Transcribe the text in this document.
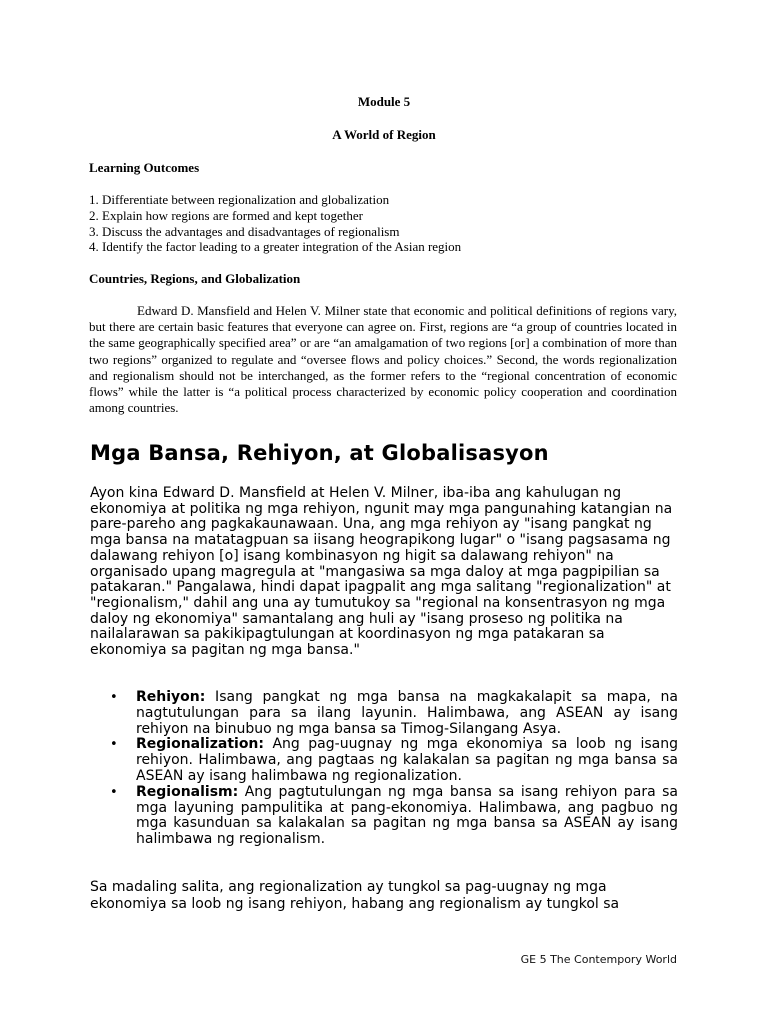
Module 5
A World of Region
Learning Outcomes
1. Differentiate between regionalization and globalization
2. Explain how regions are formed and kept together
3. Discuss the advantages and disadvantages of regionalism
4. Identify the factor leading to a greater integration of the Asian region
Countries, Regions, and Globalization

Edward D. Mansfield and Helen V. Milner state that economic and political definitions of regions vary, but there are certain basic features that everyone can agree on. First, regions are “a group of countries located in the same geographically specified area” or are “an amalgamation of two regions [or] a combination of more than two regions” organized to regulate and “oversee flows and policy choices.” Second, the words regionalization and regionalism should not be interchanged, as the former refers to the “regional concentration of economic flows” while the latter is “a political process characterized by economic policy cooperation and coordination among countries.

Mga Bansa, Rehiyon, at Globalisasyon

Ayon kina Edward D. Mansfield at Helen V. Milner, iba-iba ang kahulugan ng ekonomiya at politika ng mga rehiyon, ngunit may mga pangunahing katangian na pare-pareho ang pagkakaunawaan. Una, ang mga rehiyon ay "isang pangkat ng mga bansa na matatagpuan sa iisang heograpikong lugar" o "isang pagsasama ng dalawang rehiyon [o] isang kombinasyon ng higit sa dalawang rehiyon" na organisado upang magregula at "mangasiwa sa mga daloy at mga pagpipilian sa patakaran." Pangalawa, hindi dapat ipagpalit ang mga salitang "regionalization" at "regionalism," dahil ang una ay tumutukoy sa "regional na konsentrasyon ng mga daloy ng ekonomiya" samantalang ang huli ay "isang proseso ng politika na nailalarawan sa pakikipagtulungan at koordinasyon ng mga patakaran sa ekonomiya sa pagitan ng mga bansa."

• Rehiyon: Isang pangkat ng mga bansa na magkakalapit sa mapa, na nagtutulungan para sa ilang layunin. Halimbawa, ang ASEAN ay isang rehiyon na binubuo ng mga bansa sa Timog-Silangang Asya.
• Regionalization: Ang pag-uugnay ng mga ekonomiya sa loob ng isang rehiyon. Halimbawa, ang pagtaas ng kalakalan sa pagitan ng mga bansa sa ASEAN ay isang halimbawa ng regionalization.
• Regionalism: Ang pagtutulungan ng mga bansa sa isang rehiyon para sa mga layuning pampulitika at pang-ekonomiya. Halimbawa, ang pagbuo ng mga kasunduan sa kalakalan sa pagitan ng mga bansa sa ASEAN ay isang halimbawa ng regionalism.

Sa madaling salita, ang regionalization ay tungkol sa pag-uugnay ng mga ekonomiya sa loob ng isang rehiyon, habang ang regionalism ay tungkol sa

GE 5 The Contempory World
